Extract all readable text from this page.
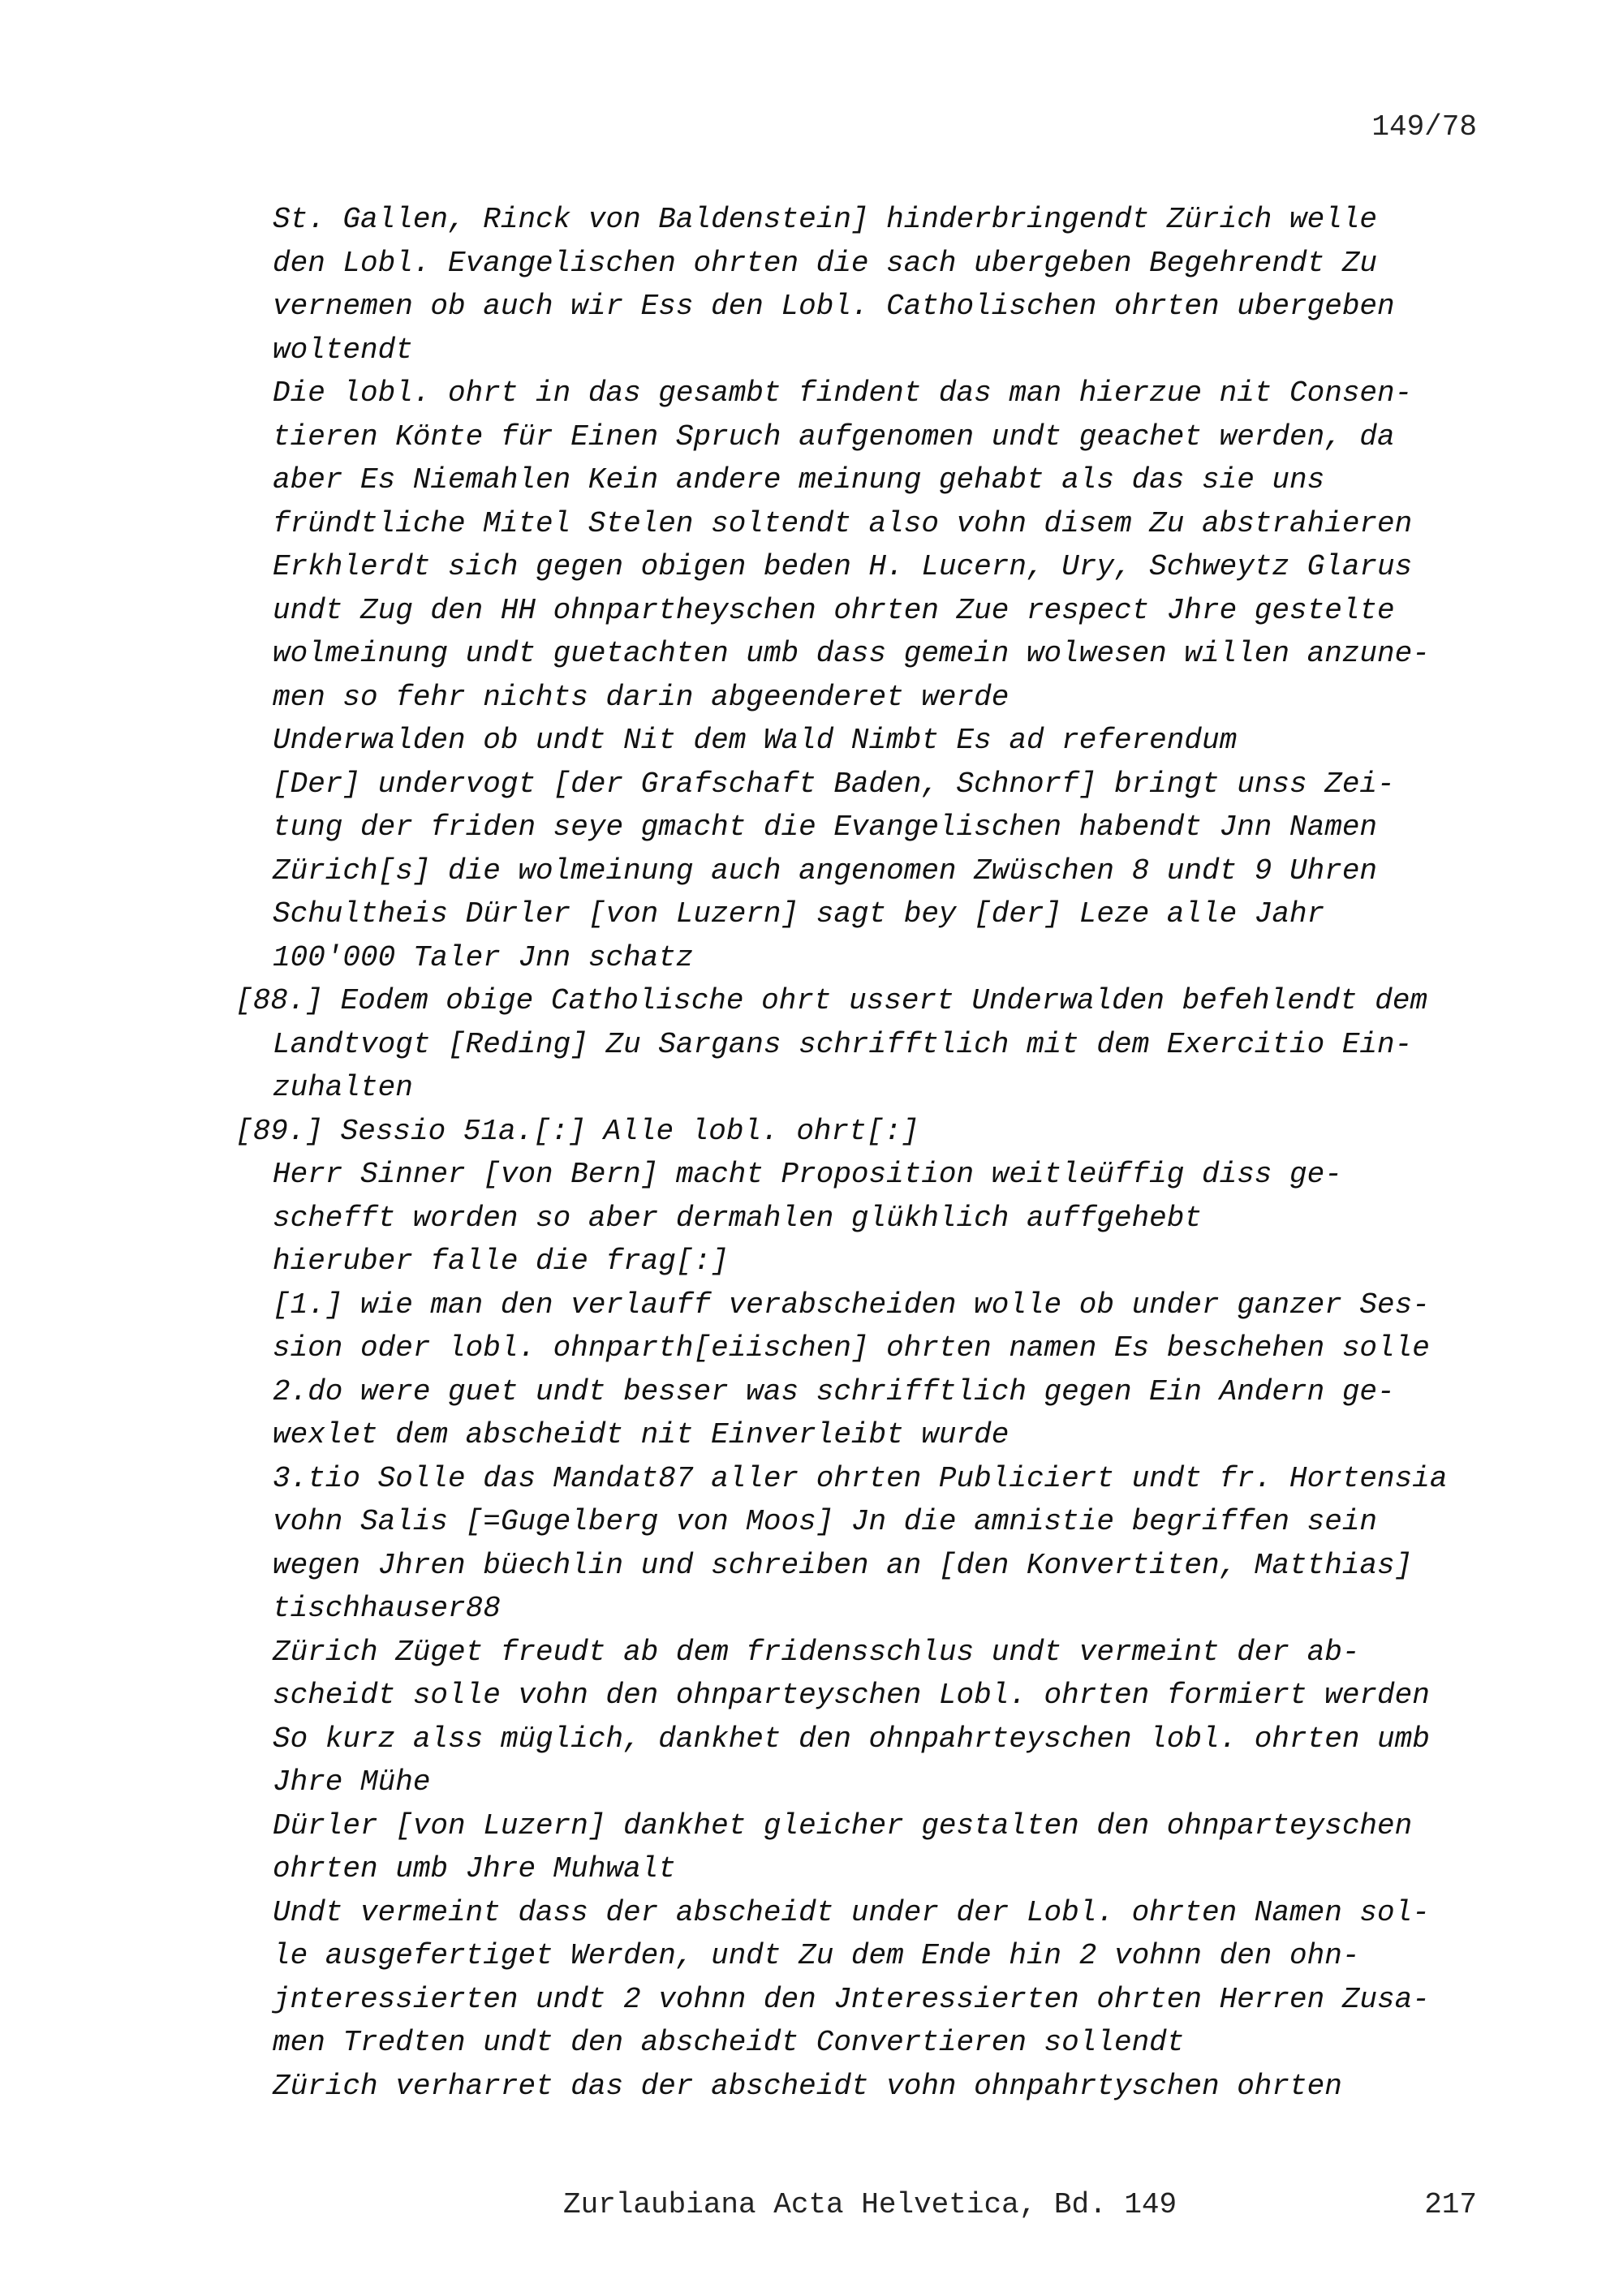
149/78
St. Gallen, Rinck von Baldenstein] hinderbringendt Zürich welle
den Lobl. Evangelischen ohrten die sach ubergeben Begehrendt Zu
vernemen ob auch wir Ess den Lobl. Catholischen ohrten ubergeben
woltendt
Die lobl. ohrt in das gesambt findent das man hierzue nit Consen-
tieren Könte für Einen Spruch aufgenomen undt geachet werden, da
aber Es Niemahlen Kein andere meinung gehabt als das sie uns
fründtliche Mitel Stelen soltendt also vohn disem Zu abstrahieren
Erkhlerdt sich gegen obigen beden H. Lucern, Ury, Schweytz Glarus
undt Zug den HH ohnpartheyschen ohrten Zue respect Jhre gestelte
wolmeinung undt guetachten umb dass gemein wolwesen willen anzune-
men so fehr nichts darin abgeenderet werde
Underwalden ob undt Nit dem Wald Nimbt Es ad referendum
[Der] undervogt [der Grafschaft Baden, Schnorf] bringt unss Zei-
tung der friden seye gmacht die Evangelischen habendt Jnn Namen
Zürich[s] die wolmeinung auch angenomen Zwüschen 8 undt 9 Uhren
Schultheis Dürler [von Luzern] sagt bey [der] Leze alle Jahr
100'000 Taler Jnn schatz
[88.] Eodem obige Catholische ohrt ussert Underwalden befehlendt dem
Landtvogt [Reding] Zu Sargans schrifftlich mit dem Exercitio Ein-
zuhalten
[89.] Sessio 51a.[:] Alle lobl. ohrt[:]
Herr Sinner [von Bern] macht Proposition weitleüffig diss ge-
schefft worden so aber dermahlen glükhlich auffgehebt
hieruber falle die frag[:]
[1.] wie man den verlauff verabscheiden wolle ob under ganzer Ses-
sion oder lobl. ohnparth[eiischen] ohrten namen Es beschehen solle
2.do were guet undt besser was schrifftlich gegen Ein Andern ge-
wexlet dem abscheidt nit Einverleibt wurde
3.tio Solle das Mandat87 aller ohrten Publiciert undt fr. Hortensia
vohn Salis [=Gugelberg von Moos] Jn die amnistie begriffen sein
wegen Jhren büechlin und schreiben an [den Konvertiten, Matthias]
tischhauser88
Zürich Züget freudt ab dem fridensschlus undt vermeint der ab-
scheidt solle vohn den ohnparteyschen Lobl. ohrten formiert werden
So kurz alss müglich, dankhet den ohnpahrteyschen lobl. ohrten umb
Jhre Mühe
Dürler [von Luzern] dankhet gleicher gestalten den ohnparteyschen
ohrten umb Jhre Muhwalt
Undt vermeint dass der abscheidt under der Lobl. ohrten Namen sol-
le ausgefertiget Werden, undt Zu dem Ende hin 2 vohnn den ohn-
jnteressierten undt 2 vohnn den Jnteressierten ohrten Herren Zusa-
men Tredten undt den abscheidt Convertieren sollendt
Zürich verharret das der abscheidt vohn ohnpahrtyschen ohrten
Zurlaubiana Acta Helvetica, Bd. 149	217
